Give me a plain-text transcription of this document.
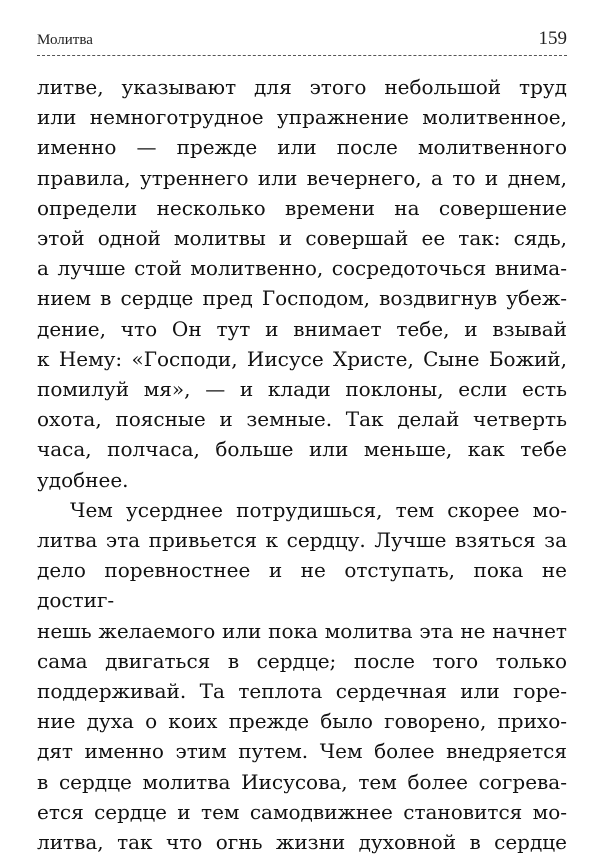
Молитва	159
литве, указывают для этого небольшой труд
или немноготрудное упражнение молитвенное,
именно — прежде или после молитвенного
правила, утреннего или вечернего, а то и днем,
определи несколько времени на совершение
этой одной молитвы и совершай ее так: сядь,
а лучше стой молитвенно, сосредоточься внима-
нием в сердце пред Господом, воздвигнув убеж-
дение, что Он тут и внимает тебе, и взывай
к Нему: «Господи, Иисусе Христе, Сыне Божий,
помилуй мя», — и клади поклоны, если есть
охота, поясные и земные. Так делай четверть
часа, полчаса, больше или меньше, как тебе
удобнее.
Чем усерднее потрудишься, тем скорее мо-
литва эта привьется к сердцу. Лучше взяться за
дело поревностнее и не отступать, пока не достиг-
нешь желаемого или пока молитва эта не начнет
сама двигаться в сердце; после того только
поддерживай. Та теплота сердечная или горе-
ние духа о коих прежде было говорено, прихо-
дят именно этим путем. Чем более внедряется
в сердце молитва Иисусова, тем более согрева-
ется сердце и тем самодвижнее становится мо-
литва, так что огнь жизни духовной в сердце
